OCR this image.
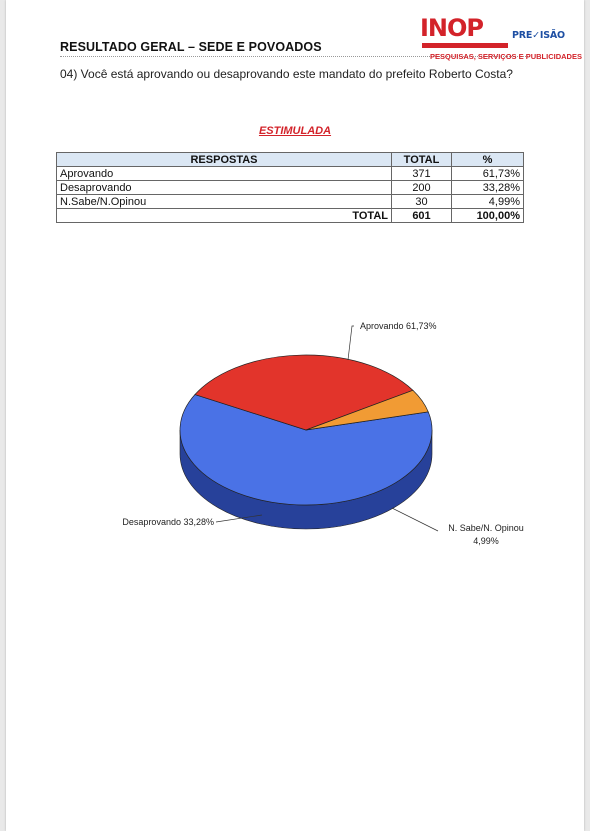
RESULTADO GERAL – SEDE E POVOADOS
INOP	PRE✓ISÃO
PESQUISAS, SERVIÇOS E PUBLICIDADES
04) Você está aprovando ou desaprovando este mandato do prefeito Roberto Costa?
ESTIMULADA
RESPOSTAS	TOTAL	%
Aprovando	371	61,73%
Desaprovando	200	33,28%
N.Sabe/N.Opinou	30	4,99%
TOTAL	601	100,00%
Aprovando 61,73%
Desaprovando 33,28%
N. Sabe/N. Opinou
4,99%
